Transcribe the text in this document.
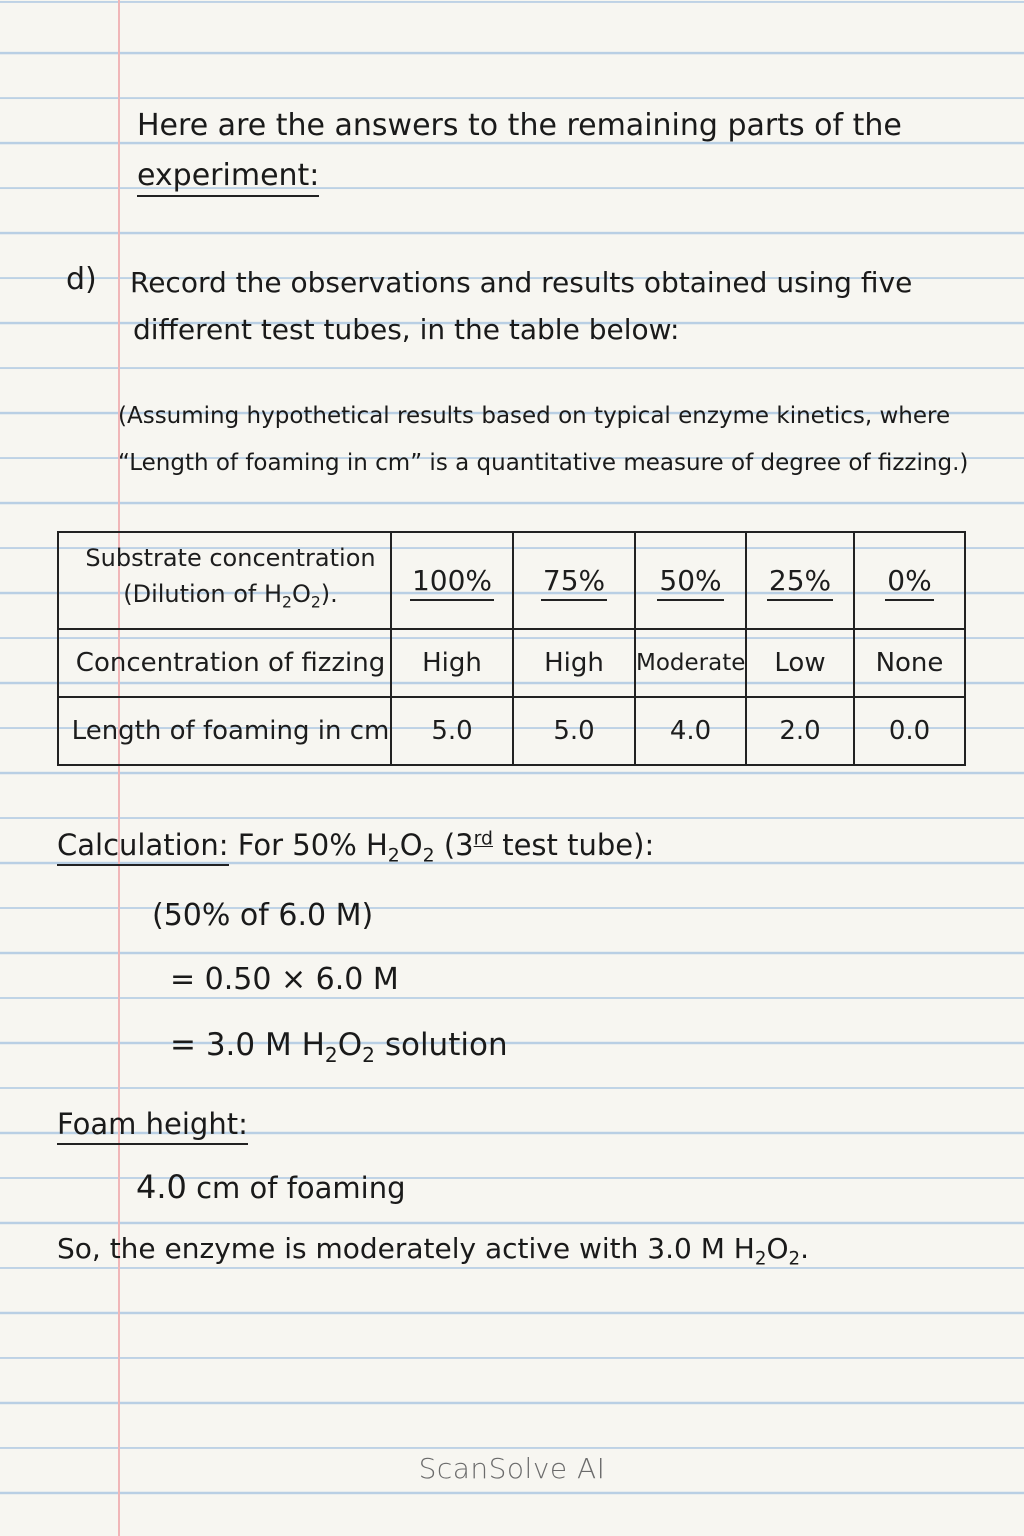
Here are the answers to the remaining parts of the
experiment:
d) Record the observations and results obtained using five
different test tubes, in the table below:
(Assuming hypothetical results based on typical enzyme kinetics, where
“Length of foaming in cm” is a quantitative measure of degree of fizzing.)
Substrate concentration
(Dilution of $H_2O_2$).	100%	75%	50%	25%	0%
Concentration of fizzing	High	High	Moderate	Low	None
Length of foaming in cm	5.0	5.0	4.0	2.0	0.0
Calculation: For 50% $H_2O_2$ (3rd test tube):
(50% of 6.0 M)
= 0.50 × 6.0 M
= 3.0 M $H_2O_2$ solution
Foam height:
4.0 cm of foaming
So, the enzyme is moderately active with 3.0 M $H_2O_2$.
ScanSolve AI
